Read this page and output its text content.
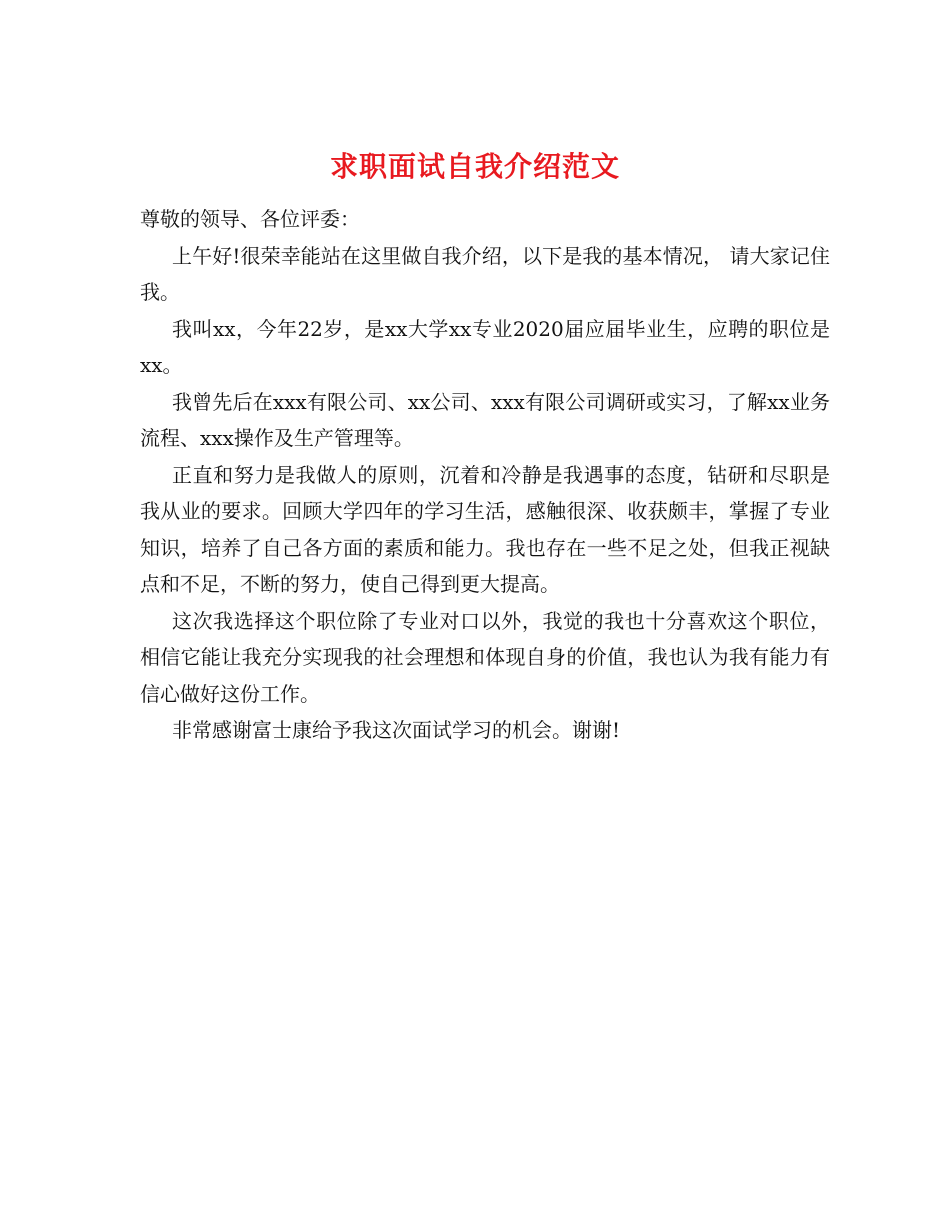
求职面试自我介绍范文

尊敬的领导、各位评委：

上午好!很荣幸能站在这里做自我介绍，以下是我的基本情况， 请大家记住我。

我叫xx，今年22岁，是xx大学xx专业2020届应届毕业生，应聘的职位是xx。

我曾先后在xxx有限公司、xx公司、xxx有限公司调研或实习，了解xx业务流程、xxx操作及生产管理等。

正直和努力是我做人的原则，沉着和冷静是我遇事的态度，钻研和尽职是我从业的要求。回顾大学四年的学习生活，感触很深、收获颇丰，掌握了专业知识，培养了自己各方面的素质和能力。我也存在一些不足之处，但我正视缺点和不足，不断的努力，使自己得到更大提高。

这次我选择这个职位除了专业对口以外，我觉的我也十分喜欢这个职位，相信它能让我充分实现我的社会理想和体现自身的价值，我也认为我有能力有信心做好这份工作。

非常感谢富士康给予我这次面试学习的机会。谢谢!
